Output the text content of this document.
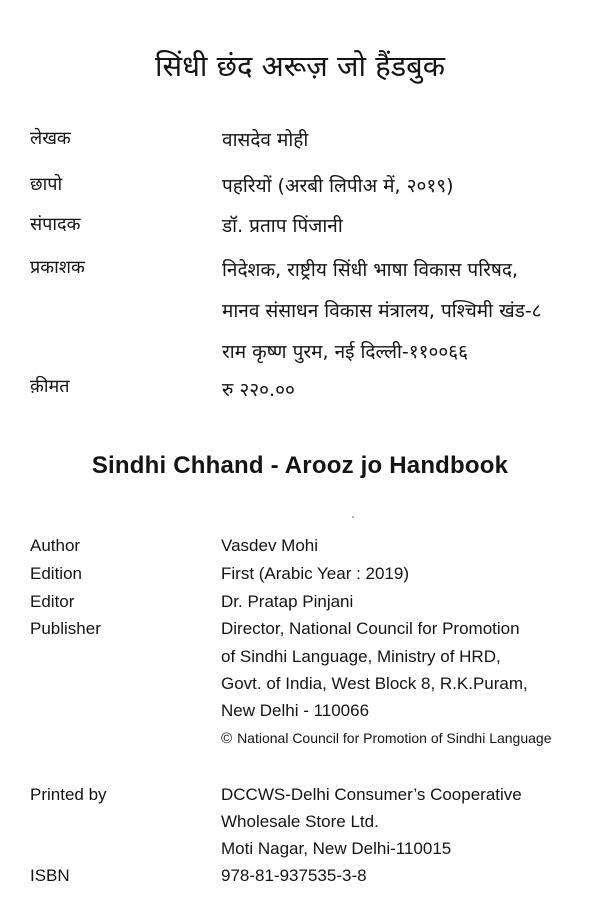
सिंधी छंद अरूज़ जो हैंडबुक
लेखक	वासदेव मोही
छापो	पहरियों (अरबी लिपीअ में, २०१९)
संपादक	डॉ. प्रताप पिंजानी
प्रकाशक	निदेशक, राष्ट्रीय सिंधी भाषा विकास परिषद,
मानव संसाधन विकास मंत्रालय, पश्चिमी खंड-८
राम कृष्ण पुरम, नई दिल्ली-११००६६
क़ीमत	रु २२०.००
Sindhi Chhand - Arooz jo Handbook
Author	Vasdev Mohi
Edition	First (Arabic Year : 2019)
Editor	Dr. Pratap Pinjani
Publisher	Director, National Council for Promotion
of Sindhi Language, Ministry of HRD,
Govt. of India, West Block 8, R.K.Puram,
New Delhi - 110066
© National Council for Promotion of Sindhi Language
Printed by	DCCWS-Delhi Consumer’s Cooperative
Wholesale Store Ltd.
Moti Nagar, New Delhi-110015
ISBN	978-81-937535-3-8
